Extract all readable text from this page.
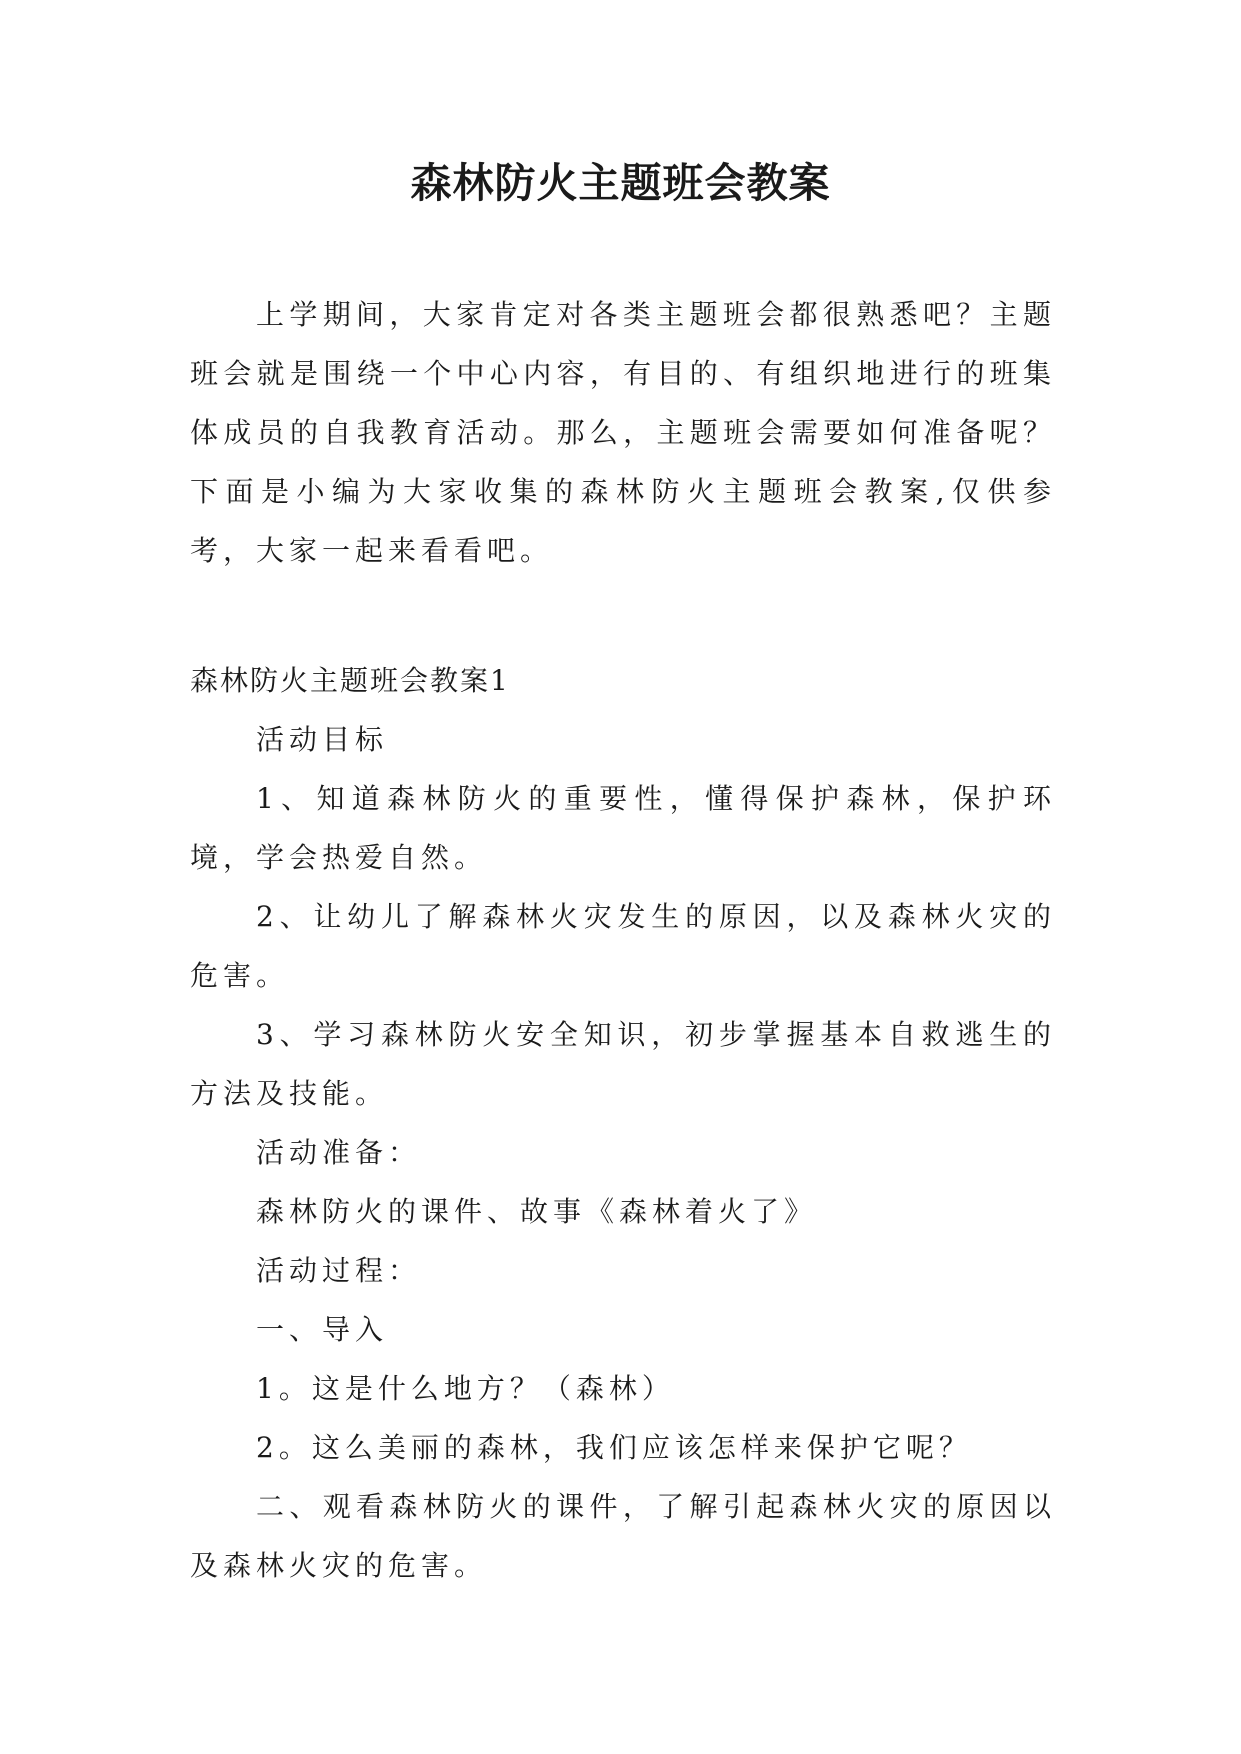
森林防火主题班会教案

上学期间，大家肯定对各类主题班会都很熟悉吧？主题班会就是围绕一个中心内容，有目的、有组织地进行的班集体成员的自我教育活动。那么，主题班会需要如何准备呢？下面是小编为大家收集的森林防火主题班会教案,仅供参考，大家一起来看看吧。

森林防火主题班会教案1

活动目标

1、知道森林防火的重要性，懂得保护森林，保护环境，学会热爱自然。

2、让幼儿了解森林火灾发生的原因，以及森林火灾的危害。

3、学习森林防火安全知识，初步掌握基本自救逃生的方法及技能。

活动准备：

森林防火的课件、故事《森林着火了》

活动过程：

一、导入

1。这是什么地方？（森林）

2。这么美丽的森林，我们应该怎样来保护它呢？

二、观看森林防火的课件，了解引起森林火灾的原因以及森林火灾的危害。
